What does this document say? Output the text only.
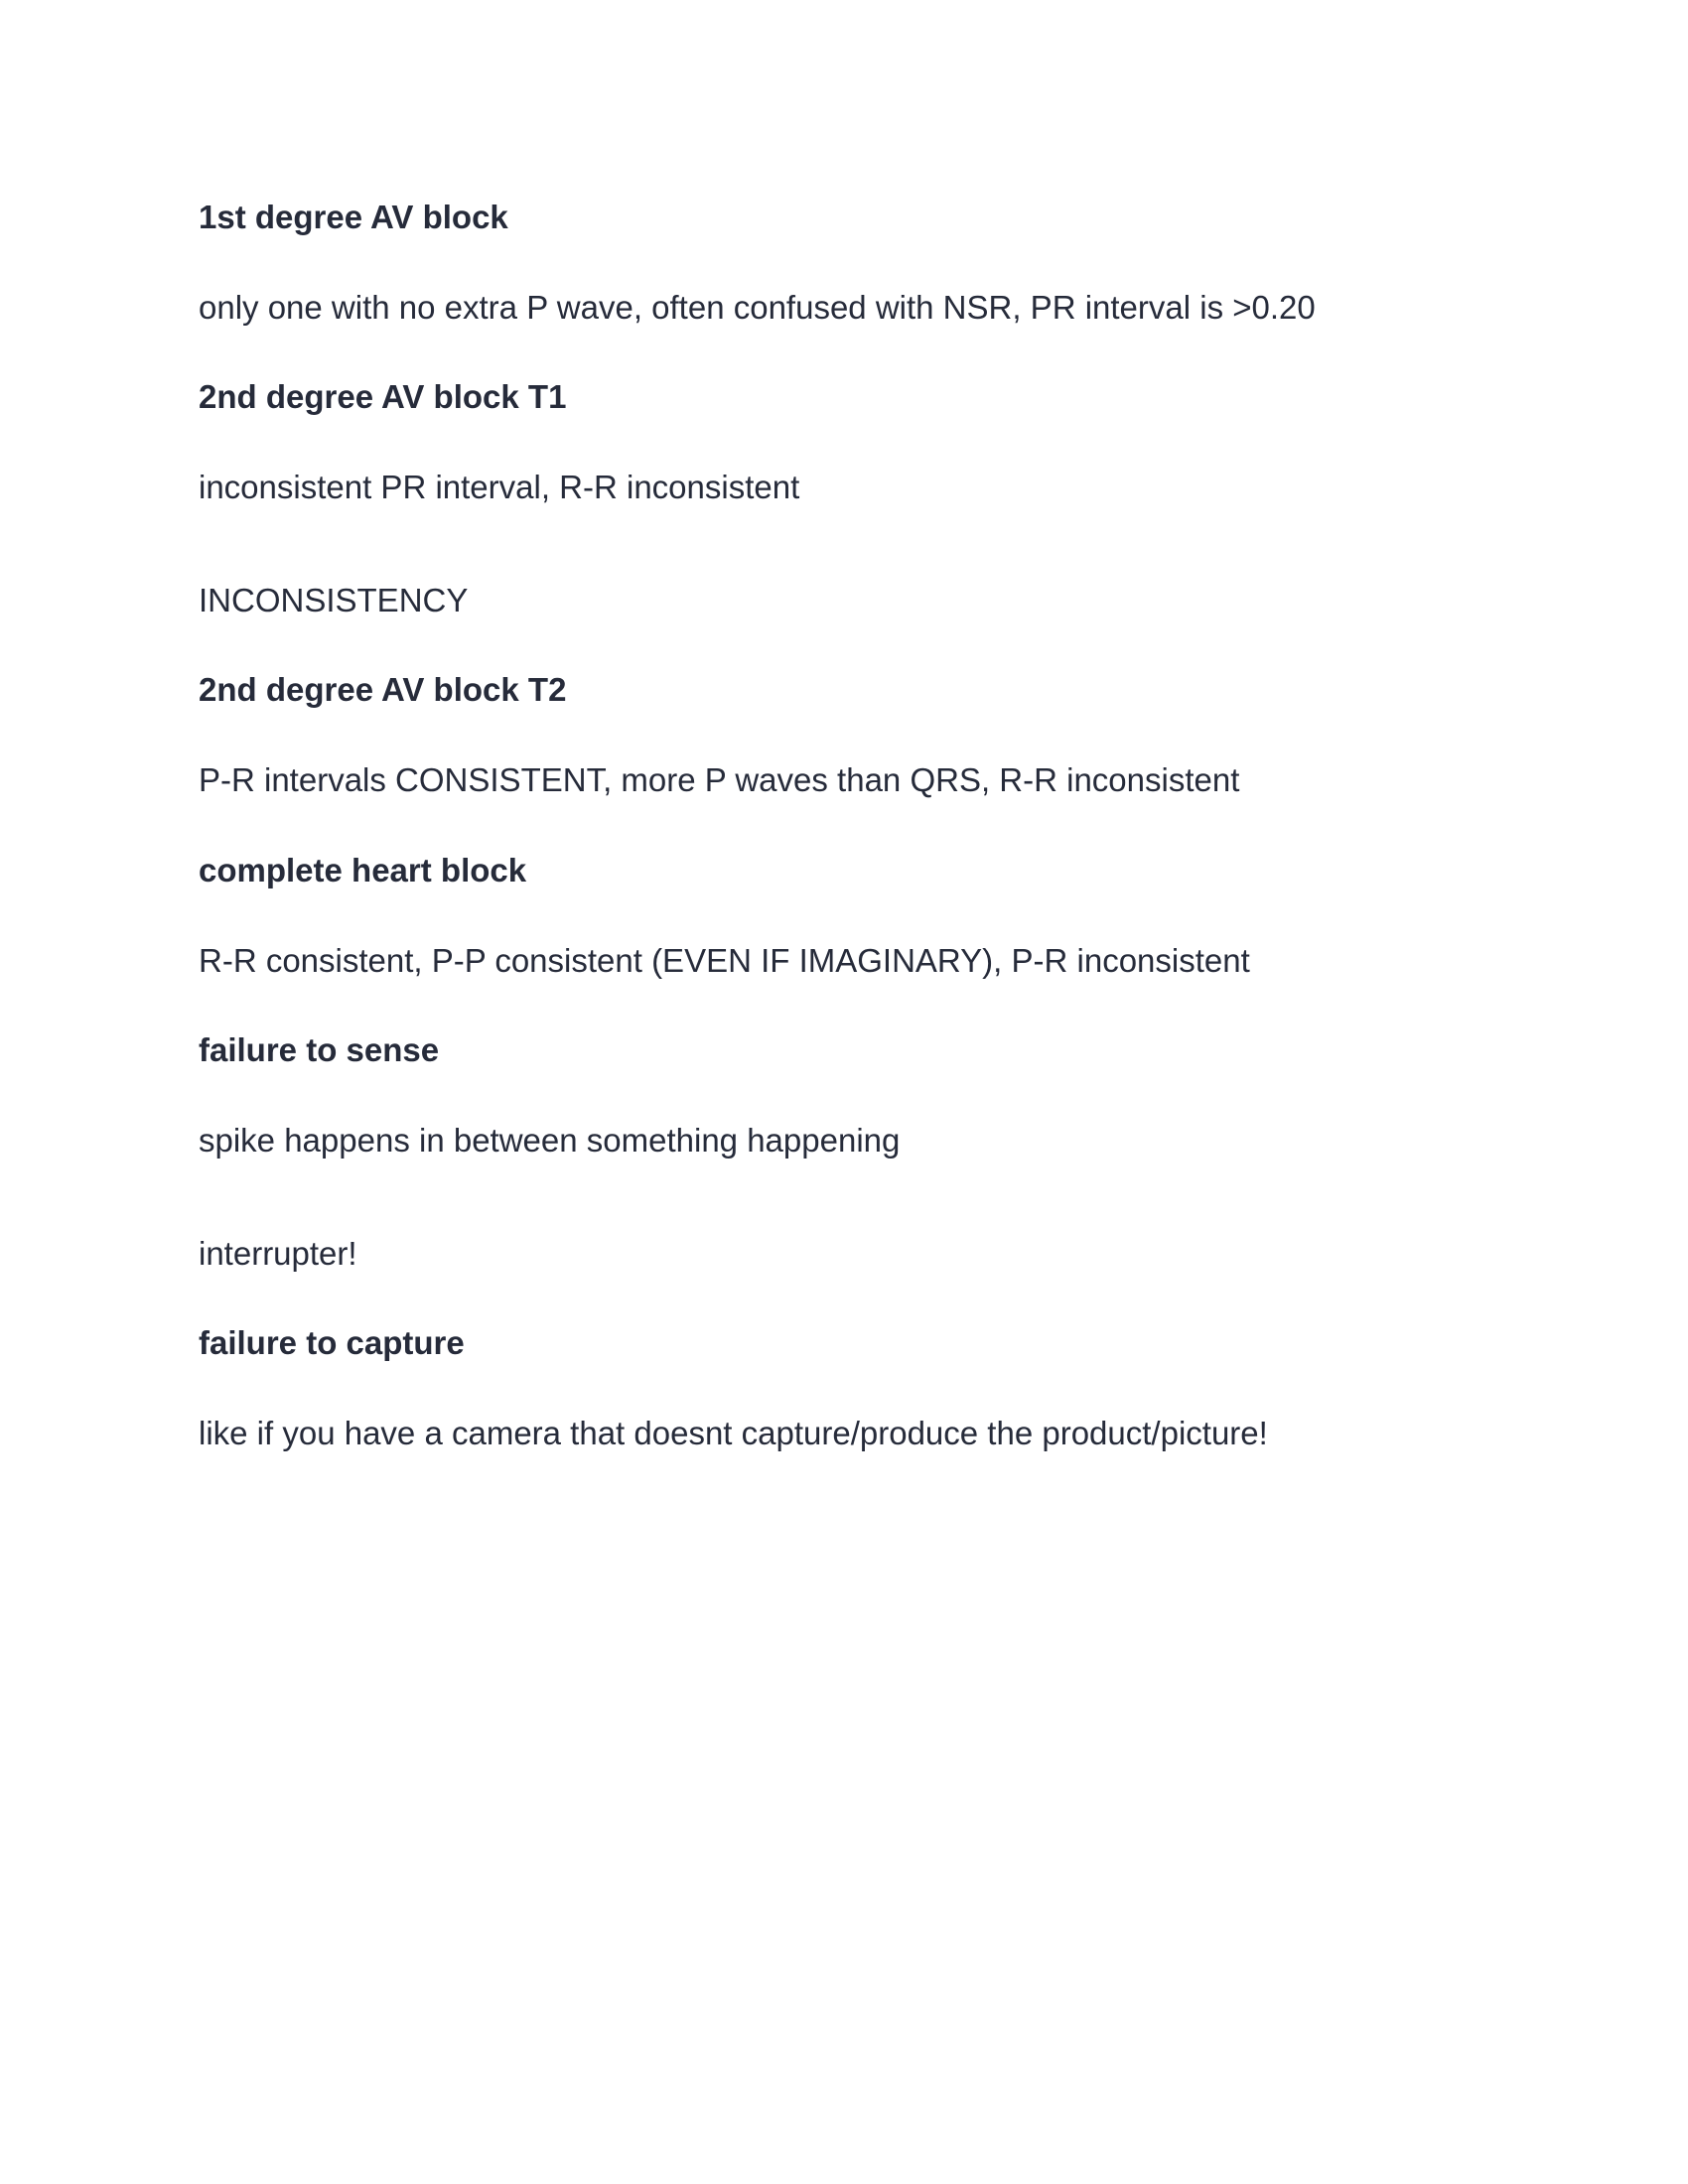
1st degree AV block

only one with no extra P wave, often confused with NSR, PR interval is >0.20

2nd degree AV block T1

inconsistent PR interval, R-R inconsistent

INCONSISTENCY

2nd degree AV block T2

P-R intervals CONSISTENT, more P waves than QRS, R-R inconsistent

complete heart block

R-R consistent, P-P consistent (EVEN IF IMAGINARY), P-R inconsistent

failure to sense

spike happens in between something happening

interrupter!

failure to capture

like if you have a camera that doesnt capture/produce the product/picture!
